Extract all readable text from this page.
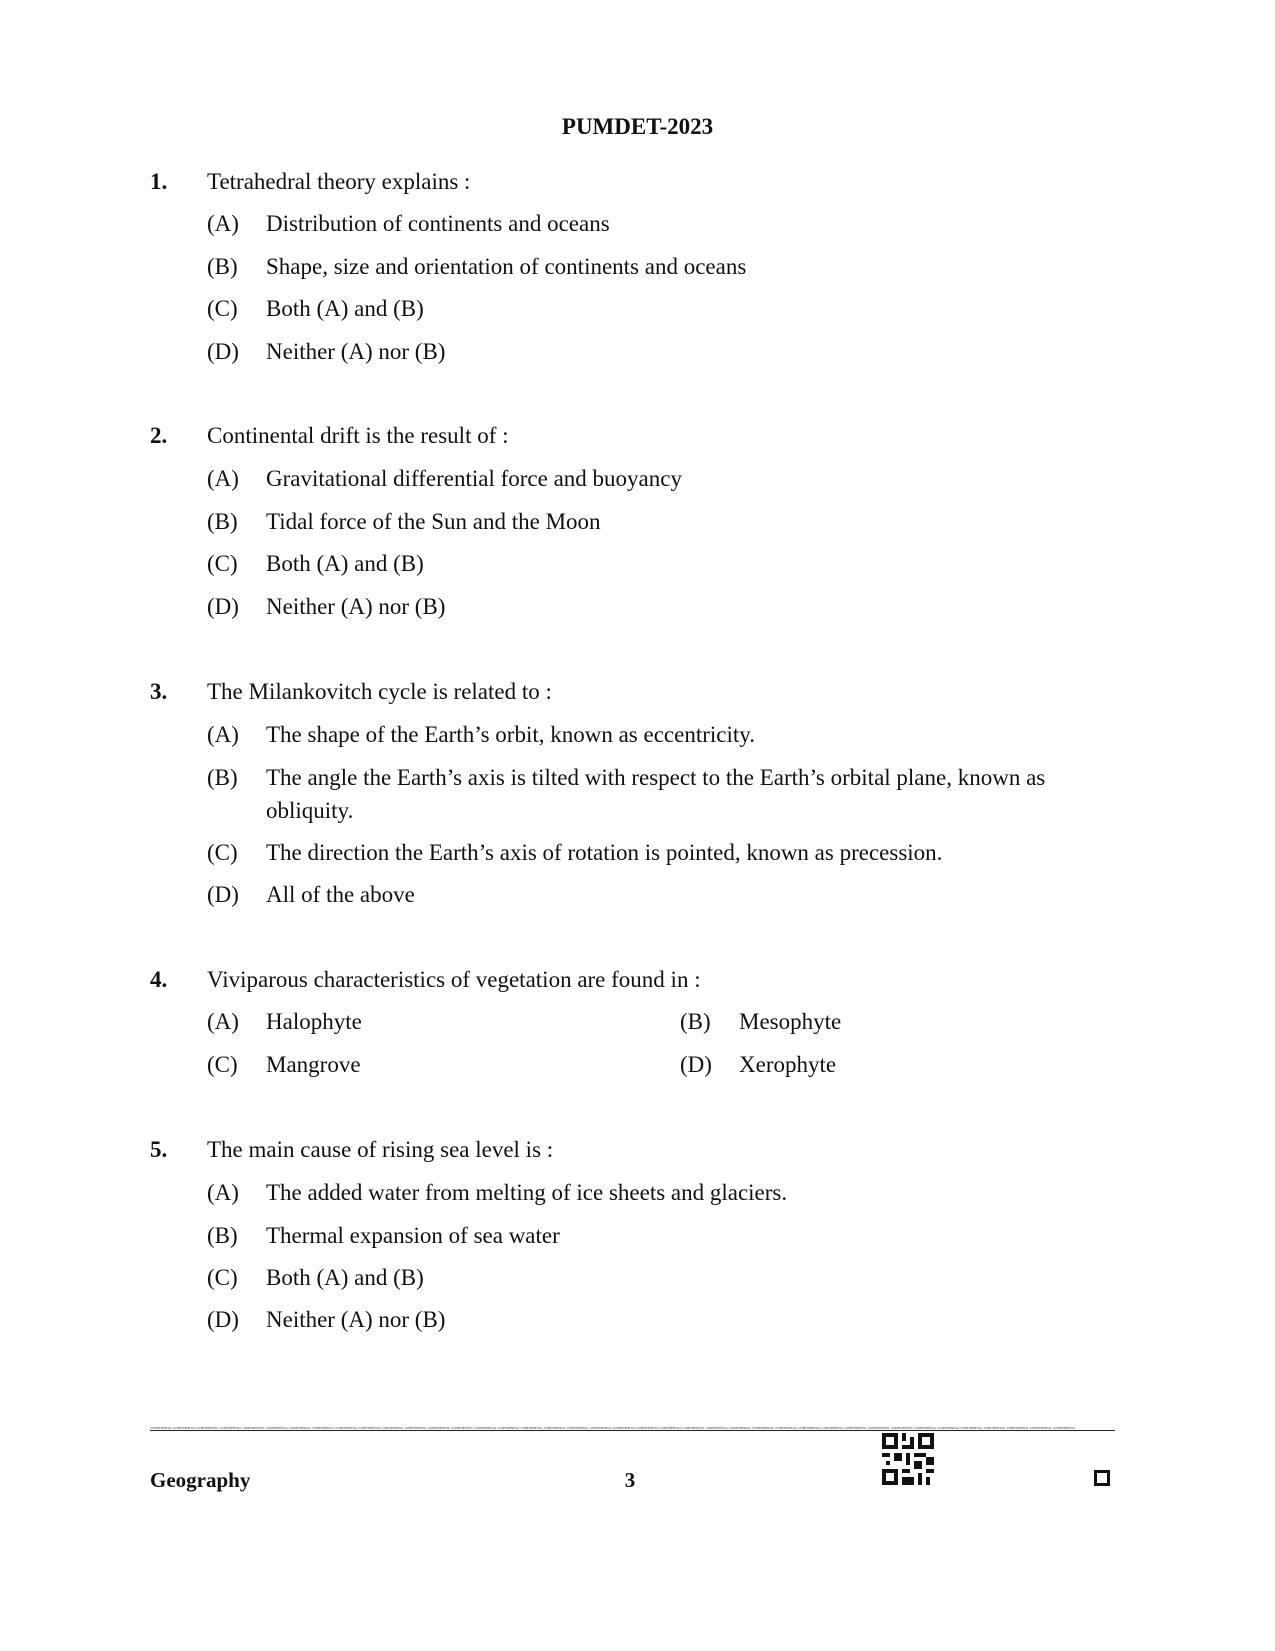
PUMDET-2023
1. Tetrahedral theory explains :
(A) Distribution of continents and oceans
(B) Shape, size and orientation of continents and oceans
(C) Both (A) and (B)
(D) Neither (A) nor (B)
2. Continental drift is the result of :
(A) Gravitational differential force and buoyancy
(B) Tidal force of the Sun and the Moon
(C) Both (A) and (B)
(D) Neither (A) nor (B)
3. The Milankovitch cycle is related to :
(A) The shape of the Earth’s orbit, known as eccentricity.
(B) The angle the Earth’s axis is tilted with respect to the Earth’s orbital plane, known as obliquity.
(C) The direction the Earth’s axis of rotation is pointed, known as precession.
(D) All of the above
4. Viviparous characteristics of vegetation are found in :
(A) Halophyte	(B) Mesophyte
(C) Mangrove	(D) Xerophyte
5. The main cause of rising sea level is :
(A) The added water from melting of ice sheets and glaciers.
(B) Thermal expansion of sea water
(C) Both (A) and (B)
(D) Neither (A) nor (B)
CONFIDENTIAL CONFIDENTIAL CONFIDENTIAL CONFIDENTIAL CONFIDENTIAL CONFIDENTIAL CONFIDENTIAL CONFIDENTIAL CONFIDENTIAL CONFIDENTIAL CONFIDENTIAL CONFIDENTIAL CONFIDENTIAL CONFIDENTIAL CONFIDENTIAL CONFIDENTIAL CONFIDENTIAL CONFIDENTIAL CONFIDENTIAL CONFIDENTIAL CONFIDENTIAL CONFIDENTIAL CONFIDENTIAL CONFIDENTIAL CONFIDENTIAL CONFIDENTIAL CONFIDENTIAL CONFIDENTIAL CONFIDENTIAL CONFIDENTIAL CONFIDENTIAL CONFIDENTIAL CONFIDENTIAL CONFIDENTIAL CONFIDENTIAL CONFIDENTIAL CONFIDENTIAL CONFIDENTIAL CONFIDENTIAL CONFIDENTIAL
Geography	3
